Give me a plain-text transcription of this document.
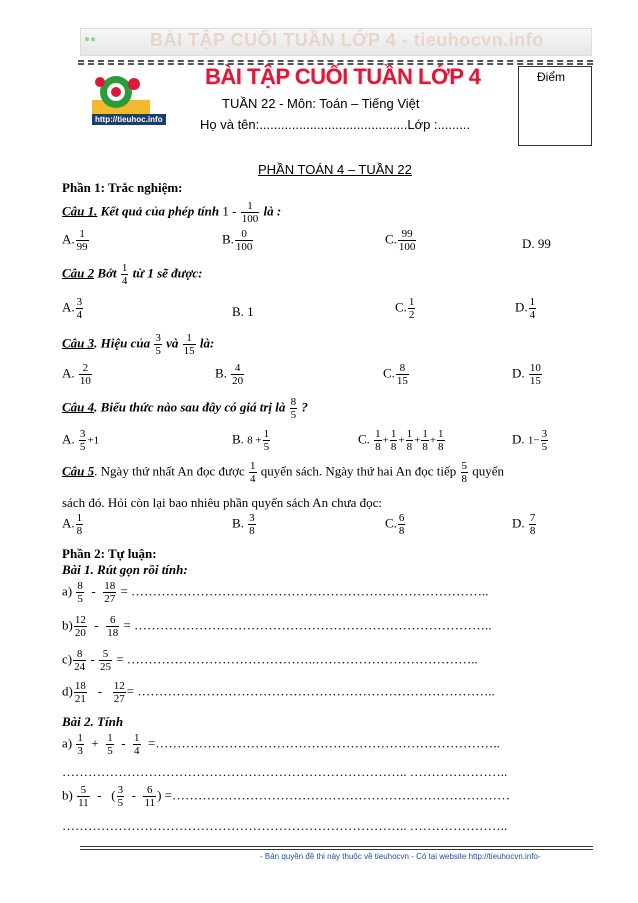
●●	BÀI TẬP CUỐI TUẦN LỚP 4 - tieuhocvn.info
http://tieuhoc.info
BÀI TẬP CUỐI TUẦN LỚP 4
TUẦN 22 - Môn: Toán – Tiếng Việt
Họ và tên:.........................................Lớp :.........
Điểm
PHẦN TOÁN 4 – TUẦN 22
Phần 1: Trắc nghiệm:
Câu 1. Kết quả của phép tính $1 - \frac{1}{100}$ là :
A. $\frac{1}{99}$	B. $\frac{0}{100}$	C. $\frac{99}{100}$	D. 99
Câu 2 Bớt $\frac{1}{4}$ từ 1 sẽ được:
A. $\frac{3}{4}$	B. 1	C. $\frac{1}{2}$	D. $\frac{1}{4}$
Câu 3. Hiệu của $\frac{3}{5}$ và $\frac{1}{15}$ là:
A. $\frac{2}{10}$	B. $\frac{4}{20}$	C. $\frac{8}{15}$	D. $\frac{10}{15}$
Câu 4. Biểu thức nào sau đây có giá trị là $\frac{8}{5}$ ?
A. $\frac{3}{5} +1$	B. $8 + \frac{1}{5}$	C. $\frac{1}{8} + \frac{1}{8} + \frac{1}{8} + \frac{1}{8} + \frac{1}{8}$	D. $1- \frac{3}{5}$
Câu 5. Ngày thứ nhất An đọc được $\frac{1}{4}$ quyển sách. Ngày thứ hai An đọc tiếp $\frac{5}{8}$ quyển
sách đó. Hỏi còn lại bao nhiêu phần quyển sách An chưa đọc:
A. $\frac{1}{8}$	B. $\frac{3}{8}$	C. $\frac{6}{8}$	D. $\frac{7}{8}$
Phần 2: Tự luận:
Bài 1. Rút gọn rồi tính:
$a) \frac{8}{5} - \frac{18}{27}$ = ………………………………………………………………………..
$b) \frac{12}{20} - \frac{6}{18}$ = ………………………………………………………………………..
$c) \frac{8}{24} - \frac{5}{25}$ = ……………………………………..………………………………..
$d) \frac{18}{21} - \frac{12}{27}$ = ………………………………………………………………………..
Bài 2. Tính
$a) \frac{1}{3} + \frac{1}{5} - \frac{1}{4}$ =……………………………………………………………………..
…………………………………………………………………….. …………………..
$b) \frac{5}{11}$ - ( $\frac{3}{5} - \frac{6}{11}$ ) =……………………………………………………………………
…………………………………………………………………….. …………………..
- Bản quyền đề thi này thuộc về tieuhocvn - Có tại website http://tieuhocvn.info-
